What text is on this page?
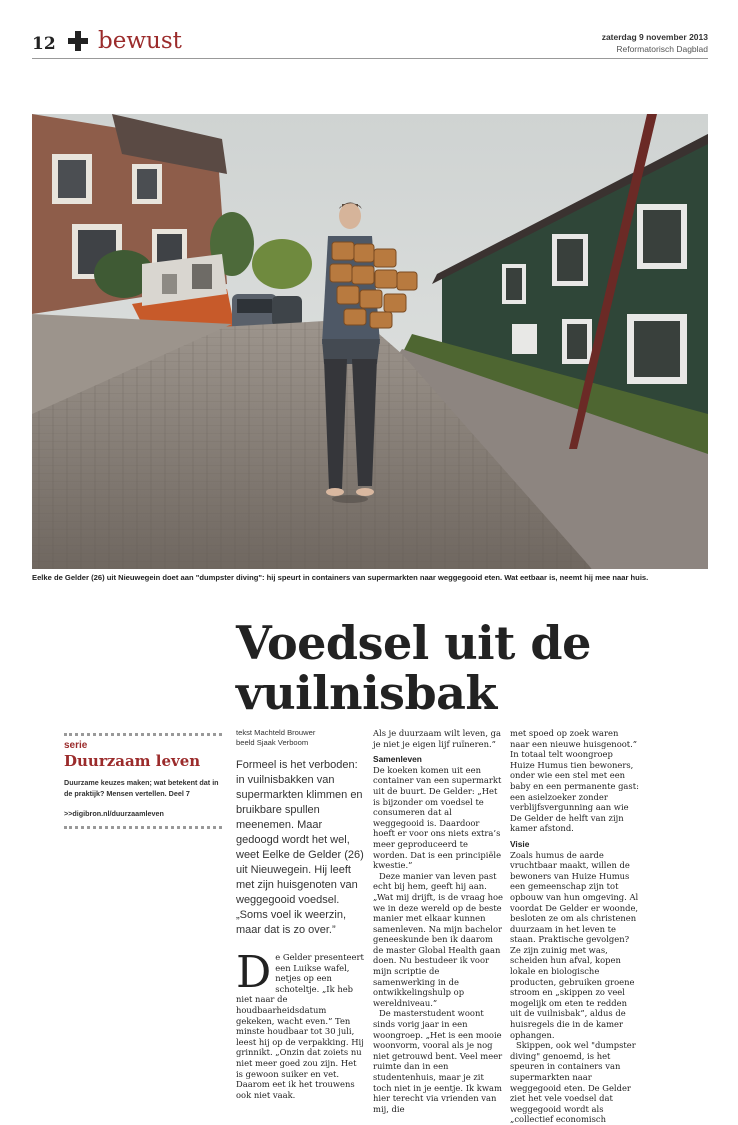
12 bewust	zaterdag 9 november 2013
Reformatorisch Dagblad
Eelke de Gelder (26) uit Nieuwegein doet aan "dumpster diving": hij speurt in containers van supermarkten naar weggegooid eten. Wat eetbaar is, neemt hij mee naar huis.
Voedsel uit de vuilnisbak
serie
Duurzaam leven
Duurzame keuzes maken; wat betekent dat in de praktijk? Mensen vertellen. Deel 7
>>digibron.nl/duurzaamleven
tekst Machteld Brouwer
beeld Sjaak Verboom
Formeel is het verboden: in vuilnisbakken van supermarkten klimmen en bruikbare spullen meenemen. Maar gedoogd wordt het wel, weet Eelke de Gelder (26) uit Nieuwegein. Hij leeft met zijn huisgenoten van weggegooid voedsel. „Soms voel ik weerzin, maar dat is zo over.”
D e Gelder presenteert een Luikse wafel, netjes op een schoteltje. „Ik heb niet naar de houdbaarheidsdatum gekeken, wacht even.” Ten minste houdbaar tot 30 juli, leest hij op de verpakking. Hij grinnikt. „Onzin dat zoiets nu niet meer goed zou zijn. Het is gewoon suiker en vet. Daarom eet ik het trouwens ook niet vaak.

Als je duurzaam wilt leven, ga je niet je eigen lijf ruïneren.”

Samenleven

De koeken komen uit een container van een supermarkt uit de buurt. De Gelder: „Het is bijzonder om voedsel te consumeren dat al weggegooid is. Daardoor hoeft er voor ons niets extra’s meer geproduceerd te worden. Dat is een principiële kwestie.”

Deze manier van leven past echt bij hem, geeft hij aan. „Wat mij drijft, is de vraag hoe we in deze wereld op de beste manier met elkaar kunnen samenleven. Na mijn bachelor geneeskunde ben ik daarom de master Global Health gaan doen. Nu bestudeer ik voor mijn scriptie de samenwerking in de ontwikkelingshulp op wereldniveau.”

De masterstudent woont sinds vorig jaar in een woongroep. „Het is een mooie woonvorm, vooral als je nog niet getrouwd bent. Veel meer ruimte dan in een studentenhuis, maar je zit toch niet in je eentje. Ik kwam hier terecht via vrienden van mij, die

met spoed op zoek waren naar een nieuwe huisgenoot.” In totaal telt woongroep Huize Humus tien bewoners, onder wie een stel met een baby en een permanente gast: een asielzoeker zonder verblijfsvergunning aan wie De Gelder de helft van zijn kamer afstond.

Visie

Zoals humus de aarde vruchtbaar maakt, willen de bewoners van Huize Humus een gemeenschap zijn tot opbouw van hun omgeving. Al voordat De Gelder er woonde, besloten ze om als christenen duurzaam in het leven te staan. Praktische gevolgen? Ze zijn zuinig met was, scheiden hun afval, kopen lokale en biologische producten, gebruiken groene stroom en „skippen zo veel mogelijk om eten te redden uit de vuilnisbak”, aldus de huisregels die in de kamer ophangen.

Skippen, ook wel "dumpster diving" genoemd, is het speuren in containers van supermarkten naar weggegooid eten. De Gelder ziet het vele voedsel dat weggegooid wordt als „collectief economisch
